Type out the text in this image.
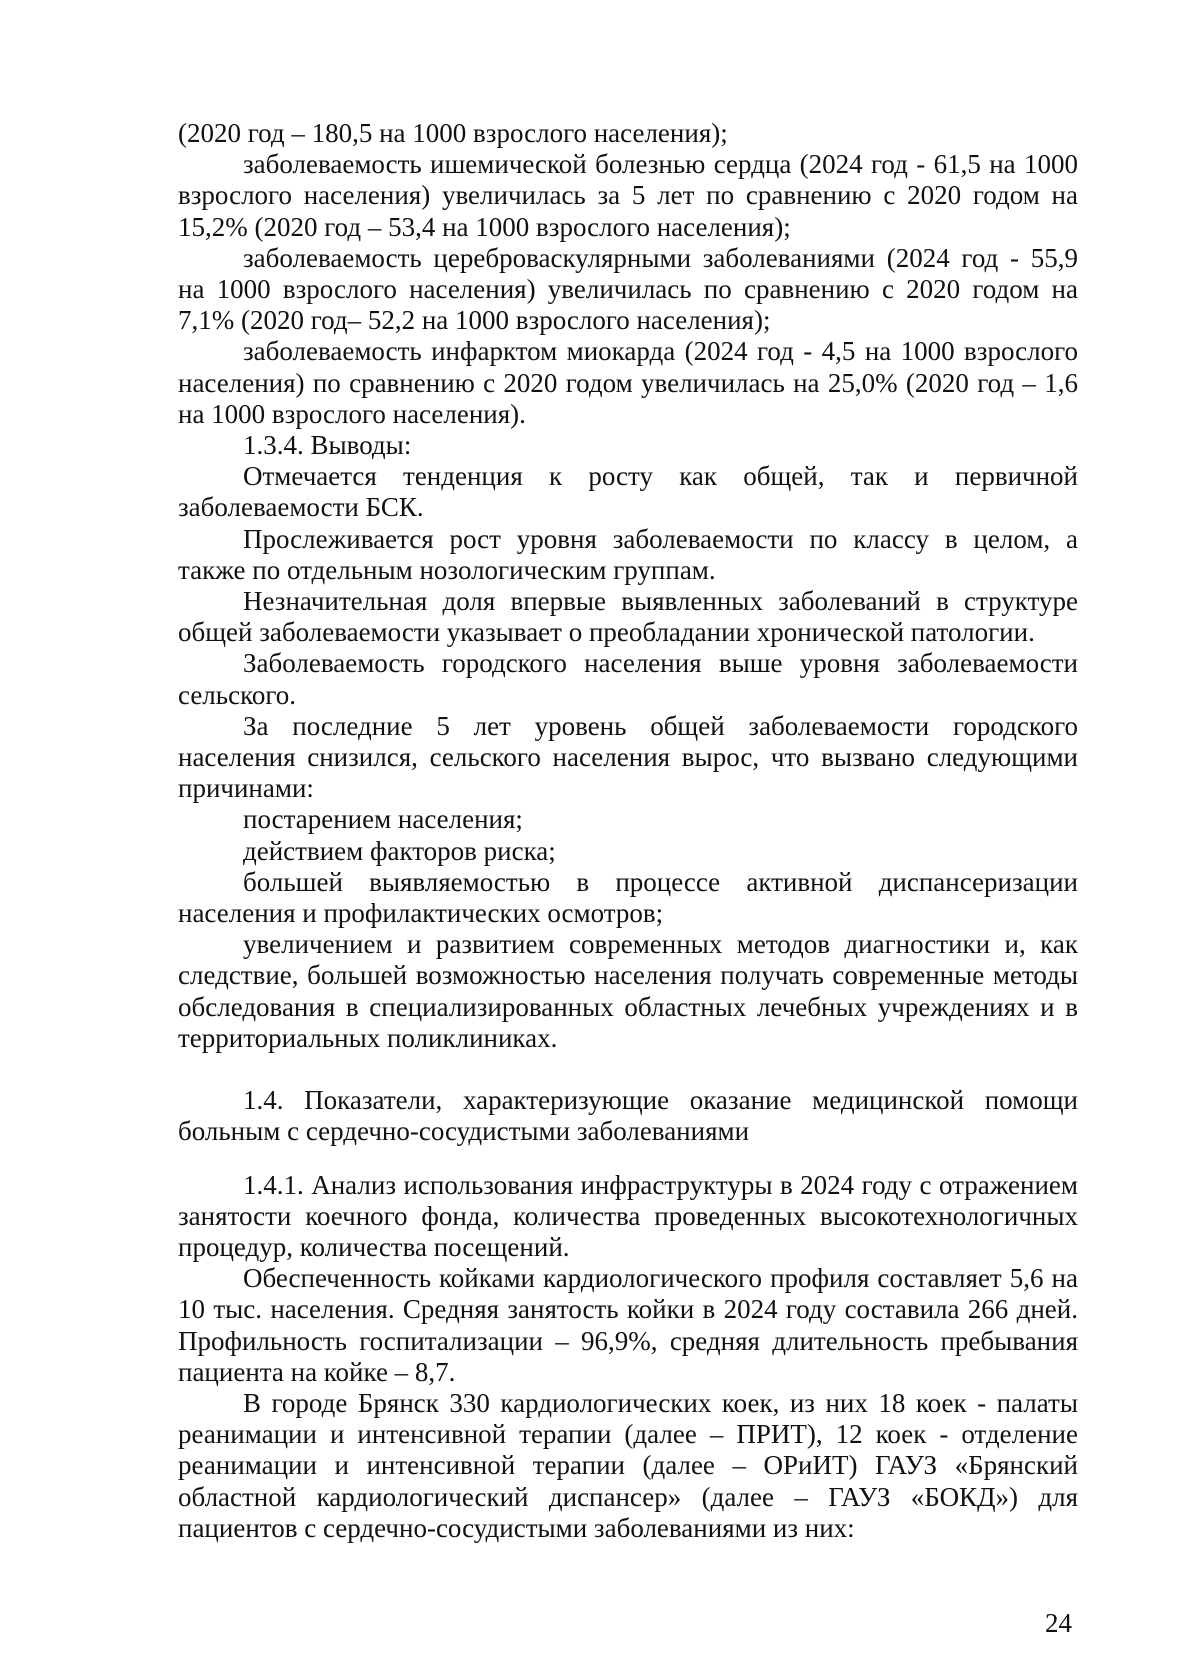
(2020 год – 180,5 на 1000 взрослого населения);

заболеваемость ишемической болезнью сердца (2024 год - 61,5 на 1000 взрослого населения) увеличилась за 5 лет по сравнению с 2020 годом на 15,2% (2020 год – 53,4 на 1000 взрослого населения);

заболеваемость цереброваскулярными заболеваниями (2024 год - 55,9 на 1000 взрослого населения) увеличилась по сравнению с 2020 годом на 7,1% (2020 год– 52,2 на 1000 взрослого населения);

заболеваемость инфарктом миокарда (2024 год - 4,5 на 1000 взрослого населения) по сравнению с 2020 годом увеличилась на 25,0% (2020 год – 1,6 на 1000 взрослого населения).

1.3.4. Выводы:

Отмечается тенденция к росту как общей, так и первичной заболеваемости БСК.

Прослеживается рост уровня заболеваемости по классу в целом, а также по отдельным нозологическим группам.

Незначительная доля впервые выявленных заболеваний в структуре общей заболеваемости указывает о преобладании хронической патологии.

Заболеваемость городского населения выше уровня заболеваемости сельского.

За последние 5 лет уровень общей заболеваемости городского населения снизился, сельского населения вырос, что вызвано следующими причинами:

постарением населения;

действием факторов риска;

большей выявляемостью в процессе активной диспансеризации населения и профилактических осмотров;

увеличением и развитием современных методов диагностики и, как следствие, большей возможностью населения получать современные методы обследования в специализированных областных лечебных учреждениях и в территориальных поликлиниках.

1.4. Показатели, характеризующие оказание медицинской помощи больным с сердечно-сосудистыми заболеваниями

1.4.1. Анализ использования инфраструктуры в 2024 году с отражением занятости коечного фонда, количества проведенных высокотехнологичных процедур, количества посещений.

Обеспеченность койками кардиологического профиля составляет 5,6 на 10 тыс. населения. Средняя занятость койки в 2024 году составила 266 дней. Профильность госпитализации – 96,9%, средняя длительность пребывания пациента на койке – 8,7.

В городе Брянск 330 кардиологических коек, из них 18 коек - палаты реанимации и интенсивной терапии (далее – ПРИТ), 12 коек - отделение реанимации и интенсивной терапии (далее – ОРиИТ) ГАУЗ «Брянский областной кардиологический диспансер» (далее – ГАУЗ «БОКД») для пациентов с сердечно-сосудистыми заболеваниями из них:

24
